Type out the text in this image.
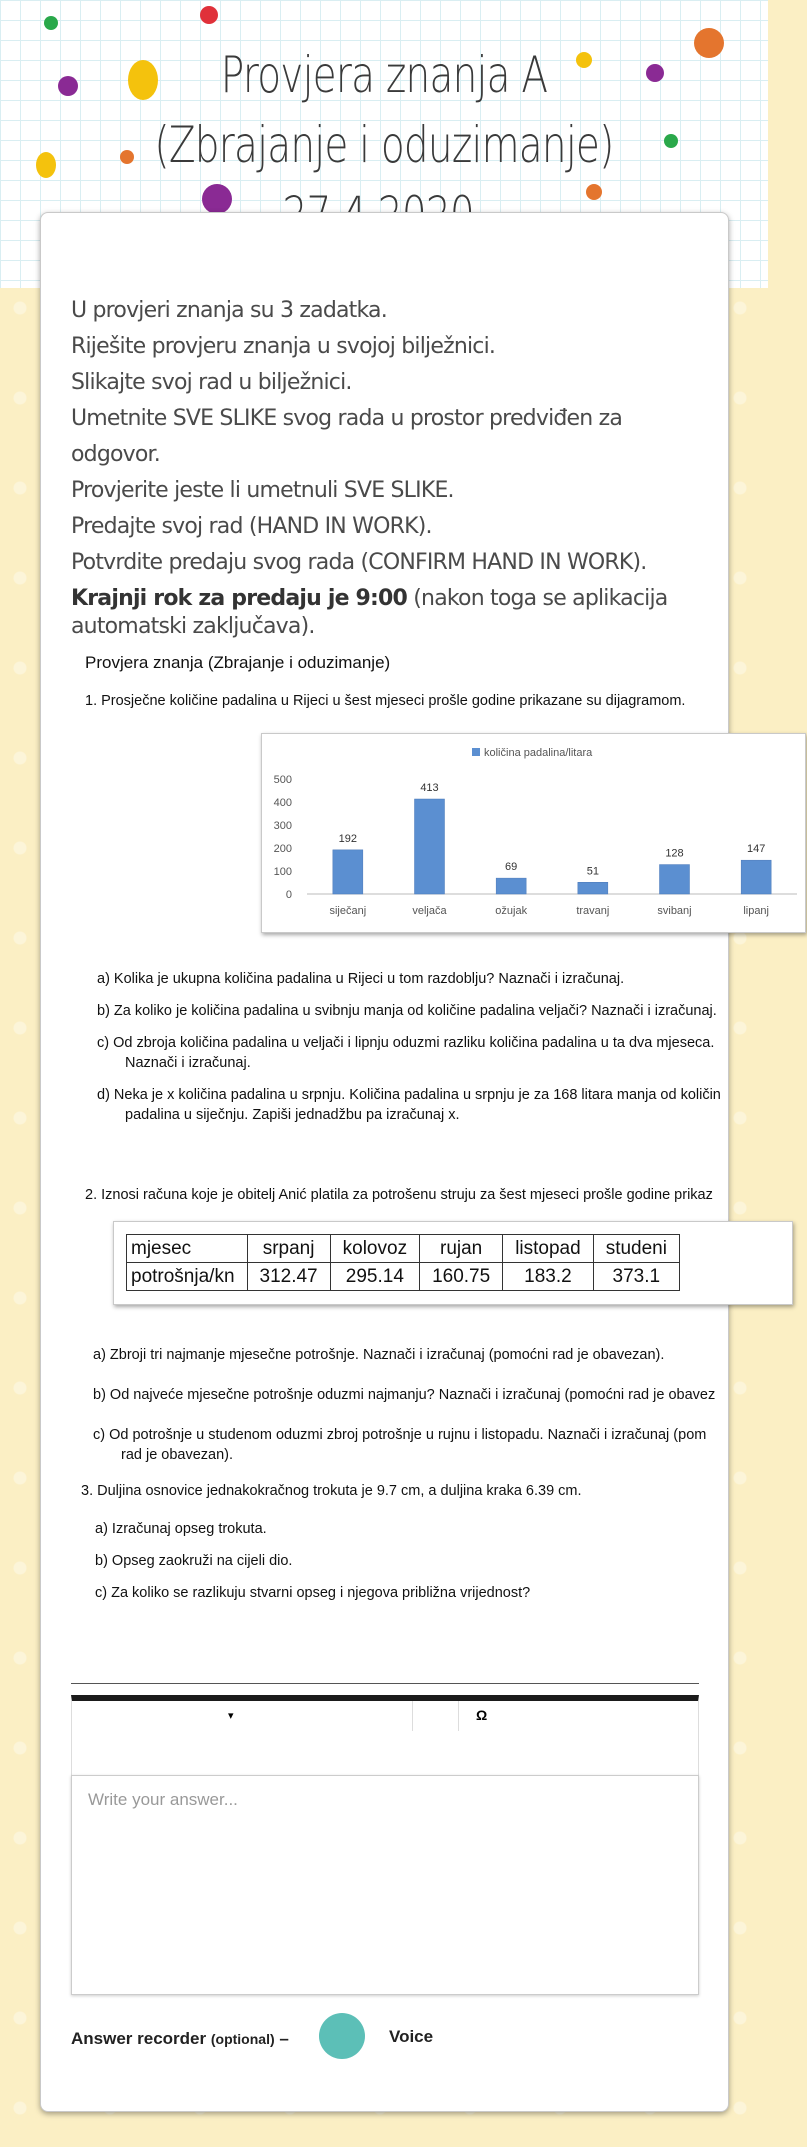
Provjera znanja A
(Zbrajanje i oduzimanje)

U provjeri znanja su 3 zadatka.

Riješite provjeru znanja u svojoj bilježnici.

Slikajte svoj rad u bilježnici.

Umetnite SVE SLIKE svog rada u prostor predviđen za odgovor.

Provjerite jeste li umetnuli SVE SLIKE.

Predajte svoj rad (HAND IN WORK).

Potvrdite predaju svog rada (CONFIRM HAND IN WORK).

Krajnji rok za predaju je 9:00 (nakon toga se aplikacija automatski zaključava).

Provjera znanja (Zbrajanje i oduzimanje)
1. Prosječne količine padalina u Rijeci u šest mjeseci prošle godine prikazane su dijagramom.
količina padalina/litara
500
400
300
200
100
0
192
siječanj
413
veljača
69
ožujak
51
travanj
128
svibanj
147
lipanj
a) Kolika je ukupna količina padalina u Rijeci u tom razdoblju? Naznači i izračunaj.
b) Za koliko je količina padalina u svibnju manja od količine padalina veljači? Naznači i izračunaj.
c) Od zbroja količina padalina u veljači i lipnju oduzmi razliku količina padalina u ta dva mjeseca.
Naznači i izračunaj.
d) Neka je x količina padalina u srpnju. Količina padalina u srpnju je za 168 litara manja od količin
padalina u siječnju. Zapiši jednadžbu pa izračunaj x.
2. Iznosi računa koje je obitelj Anić platila za potrošenu struju za šest mjeseci prošle godine prikaz
mjesec	srpanj	kolovoz	rujan	listopad	studeni
potrošnja/kn	312.47	295.14	160.75	183.2	373.1
a) Zbroji tri najmanje mjesečne potrošnje. Naznači i izračunaj (pomoćni rad je obavezan).
b) Od najveće mjesečne potrošnje oduzmi najmanju? Naznači i izračunaj (pomoćni rad je obavez
c) Od potrošnje u studenom oduzmi zbroj potrošnje u rujnu i listopadu. Naznači i izračunaj (pom
rad je obavezan).
3. Duljina osnovice jednakokračnog trokuta je 9.7 cm, a duljina kraka 6.39 cm.
a) Izračunaj opseg trokuta.
b) Opseg zaokruži na cijeli dio.
c) Za koliko se razlikuju stvarni opseg i njegova približna vrijednost?
▾	Ω
Write your answer...
Answer recorder (optional) –	Voice
